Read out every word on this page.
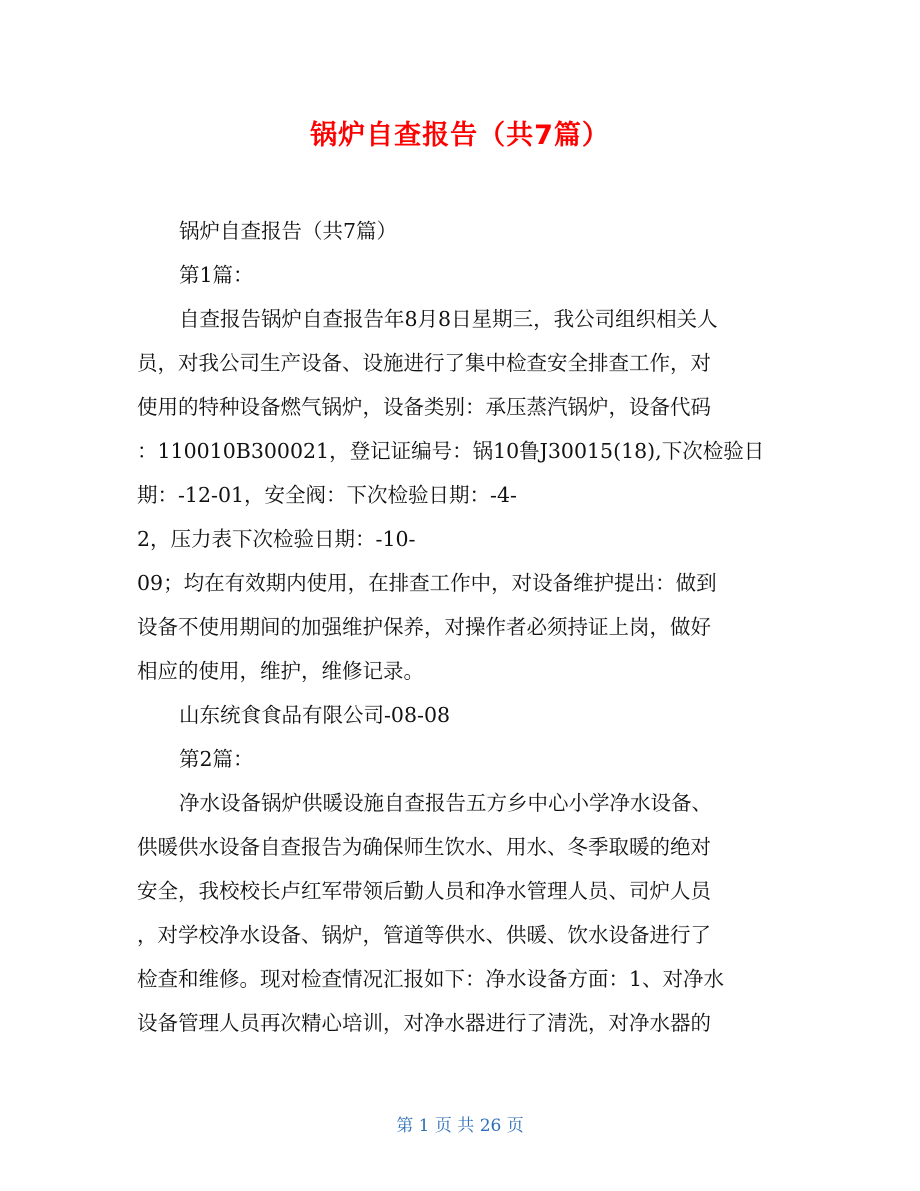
锅炉自查报告（共7篇）
锅炉自查报告（共7篇）
第1篇：
自查报告锅炉自查报告年8月8日星期三，我公司组织相关人
员，对我公司生产设备、设施进行了集中检查安全排查工作，对
使用的特种设备燃气锅炉，设备类别：承压蒸汽锅炉，设备代码
：110010B300021，登记证编号：锅10鲁J30015(18),下次检验日
期：-12-01，安全阀：下次检验日期：-4-
2，压力表下次检验日期：-10-
09；均在有效期内使用，在排查工作中，对设备维护提出：做到
设备不使用期间的加强维护保养，对操作者必须持证上岗，做好
相应的使用，维护，维修记录。
山东统食食品有限公司-08-08
第2篇：
净水设备锅炉供暖设施自查报告五方乡中心小学净水设备、
供暖供水设备自查报告为确保师生饮水、用水、冬季取暖的绝对
安全，我校校长卢红军带领后勤人员和净水管理人员、司炉人员
，对学校净水设备、锅炉，管道等供水、供暖、饮水设备进行了
检查和维修。现对检查情况汇报如下：净水设备方面：1、对净水
设备管理人员再次精心培训，对净水器进行了清洗，对净水器的
第 1 页 共 26 页
